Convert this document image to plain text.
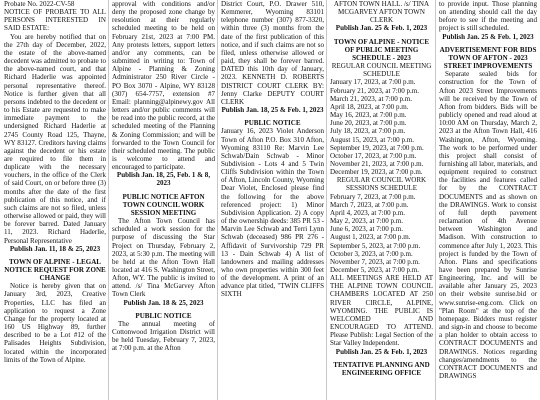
Probate No. 2022-CV-58

NOTICE OF PROBATE TO ALL PERSONS INTERESTED IN SAID ESTATE:

You are hereby notified that on the 27th day of December, 2022, the estate of the above-named decedent was admitted to probate to the above-named court, and that Richard Haderlie was appointed personal representative thereof. Notice is further given that all persons indebted to the decedent or to his Estate are requested to make immediate payment to the undersigned Richard Haderlie at 2745 County Road 125, Thayne, WY 83127. Creditors having claims against the decedent or his estate are required to file them in duplicate with the necessary vouchers, in the office of the Clerk of said Court, on or before three (3) months after the date of the first publication of this notice, and if such claims are not so filed, unless otherwise allowed or paid, they will be forever barred. Dated January 11, 2023. Richard Haderlie, Personal Representative

Publish Jan. 11, 18 & 25, 2023

TOWN OF ALPINE - LEGAL NOTICE REQUEST FOR ZONE CHANGE

Notice is hereby given that on January 3rd, 2023, Creative Properties, LLC has filed an application to request a Zone Change for the property located at 160 US Highway 89, further described to be a Lot #12 of the Palisades Heights Subdivision, located within the incorporated limits of the Town of Alpine.

approval with conditions and/or deny the proposed zone change by resolution at their regularly scheduled meeting to be held on February 21st, 2023 at 7:00 PM. Any protests letters, support letters and/or any comments, can be submitted in writing to: Town of Alpine - Planning & Zoning Administrator 250 River Circle - PO Box 3070 - Alpine, WY 83128 (307) 654-7757, extension #7 Email: planning@alpinewy.gov All letters and/or public comments will be read into the public record, at the scheduled meeting of the Planning & Zoning Commission; and will be forwarded to the Town Council for their scheduled meeting. The public is welcome to attend and encouraged to participate.

Publish Jan. 18, 25, Feb. 1 & 8, 2023

PUBLIC NOTICE AFTON TOWN COUNCIL WORK SESSION MEETING

The Afton Town Council has scheduled a work session for the purpose of discussing the Star Project on Thursday, February 2, 2023, at 5:30 p.m. The meeting will be held at the Afton Town Hall located at 416 S. Washington Street, Afton, WY. The public is invited to attend. /s/ Tina McGarvey Afton Town Clerk

Publish Jan. 18 & 25, 2023

PUBLIC NOTICE

The annual meeting of Cottonwood Irrigation District will be held Tuesday, February 7, 2023, at 7:00 p.m. at the Afton

District Court, P.O. Drawer 510, Kemmerer, Wyoming 83101 telephone number (307) 877-3320, within three (3) months from the date of the first publication of this notice, and if such claims are not so filed, unless otherwise allowed or paid, they shall be forever barred. DATED this 10th day of January, 2023. KENNETH D. ROBERTS DISTRICT COURT CLERK BY: Jenny Clarke DEPUTY COURT CLERK

Publish Jan. 18, 25 & Feb. 1, 2023

PUBLIC NOTICE

January 16, 2023 Violet Anderson Town of Afton P.O. Box 310 Afton, Wyoming 83110 Re: Marvin Lee Schwab/Dain Schwab - Minor Subdivision - Lots 4 and 5 Twin Cliffs Subdivision within the Town of Afton, Lincoln County, Wyoming Dear Violet, Enclosed please find the following for the above referenced project: 1) Minor Subdivision Application. 2) A copy of the ownership deeds: 385 PR 53 - Marvin Lee Schwab and Terri Lynn Schwab (deceased) 986 PR 276 - Affidavit of Survivorship 729 PR 13 - Dain Schwab 4) A list of landowners and mailing addresses who own properties within 300 feet of the development. A print of an advance plat titled, "TWIN CLIFFS SIXTH

AFTON TOWN HALL. /s/ TINA MCGARVEY AFTON TOWN CLERK

Publish Jan. 25 & Feb. 1, 2023

TOWN OF ALPINE - NOTICE OF PUBLIC MEETING SCHEDULE - 2023

REGULAR COUNCIL MEETING SCHEDULE

January 17, 2023, at 7:00 p.m.
February 21, 2023, at 7:00 p.m.
March 21, 2023, at 7:00 p.m.
April 18, 2023, at 7:00 p.m.
May 16, 2023, at 7:00 p.m.
June 20, 2023, at 7:00 p.m.
July 18, 2023, at 7:00 p.m.
August 15, 2023, at 7:00 p.m.
September 19, 2023, at 7:00 p.m.
October 17, 2023, at 7:00 p.m.
November 21, 2023, at 7:00 p.m.
December 19, 2023, at 7:00 p.m.

REGULAR COUNCIL WORK SESSIONS SCHEDULE

February 7, 2023, at 7:00 p.m.
March 7, 2023, at 7:00 p.m.
April 4, 2023, at 7:00 p.m.
May 2, 2023, at 7:00 p.m.
June 6, 2023, at 7:00 p.m.
August 1, 2023, at 7:00 p.m.
September 5, 2023, at 7:00 p.m.
October 3, 2023, at 7:00 p.m.
November 7, 2023, at 7:00 p.m.
December 5, 2023, at 7:00 p.m.

ALL MEETINGS ARE HELD AT THE ALPINE TOWN COUNCIL CHAMBERS LOCATED AT 250 RIVER CIRCLE, ALPINE, WYOMING. THE PUBLIC IS WELCOMED AND ENCOURAGED TO ATTEND. Please Publish: Legal Section of the Star Valley Independent.

Publish Jan. 25 & Feb. 1, 2023

TENTATIVE PLANNING AND ENGINEERING OFFICE

to provide input. Those planning on attending should call the day before to see if the meeting and project is still scheduled.

Publish Jan. 25 & Feb. 1, 2023

ADVERTISEMENT FOR BIDS TOWN OF AFTON - 2023 STREET IMPROVEMENTS

Separate sealed bids for construction for the Town of Afton 2023 Street Improvements will be received by the Town of Afton from bidders. Bids will be publicly opened and read aloud at 10:00 AM on Thursday, March 2, 2023 at the Afton Town Hall, 416 Washington, Afton, Wyoming. The work to be performed under this project shall consist of furnishing all labor, materials, and equipment required to construct the facilities and features called for by the CONTRACT DOCUMENTS and as shown on the DRAWINGS. Work to consist of full depth pavement reclamation of 4th Avenue between Washington and Madison. With construction to commence after July 1, 2023. This project is funded by the Town of Afton. Plans and specifications have been prepared by Sunrise Engineering, Inc. and will be available after January 25, 2023 on their website sunrise.bid or www.sunrise-eng.com. Click on "Plan Room" at the top of the homepage. Bidders must register and sign-in and choose to become a plan holder to obtain access to CONTRACT DOCUMENTS and DRAWINGS. Notices regarding changes/amendments to the CONTRACT DOCUMENTS and DRAWINGS
